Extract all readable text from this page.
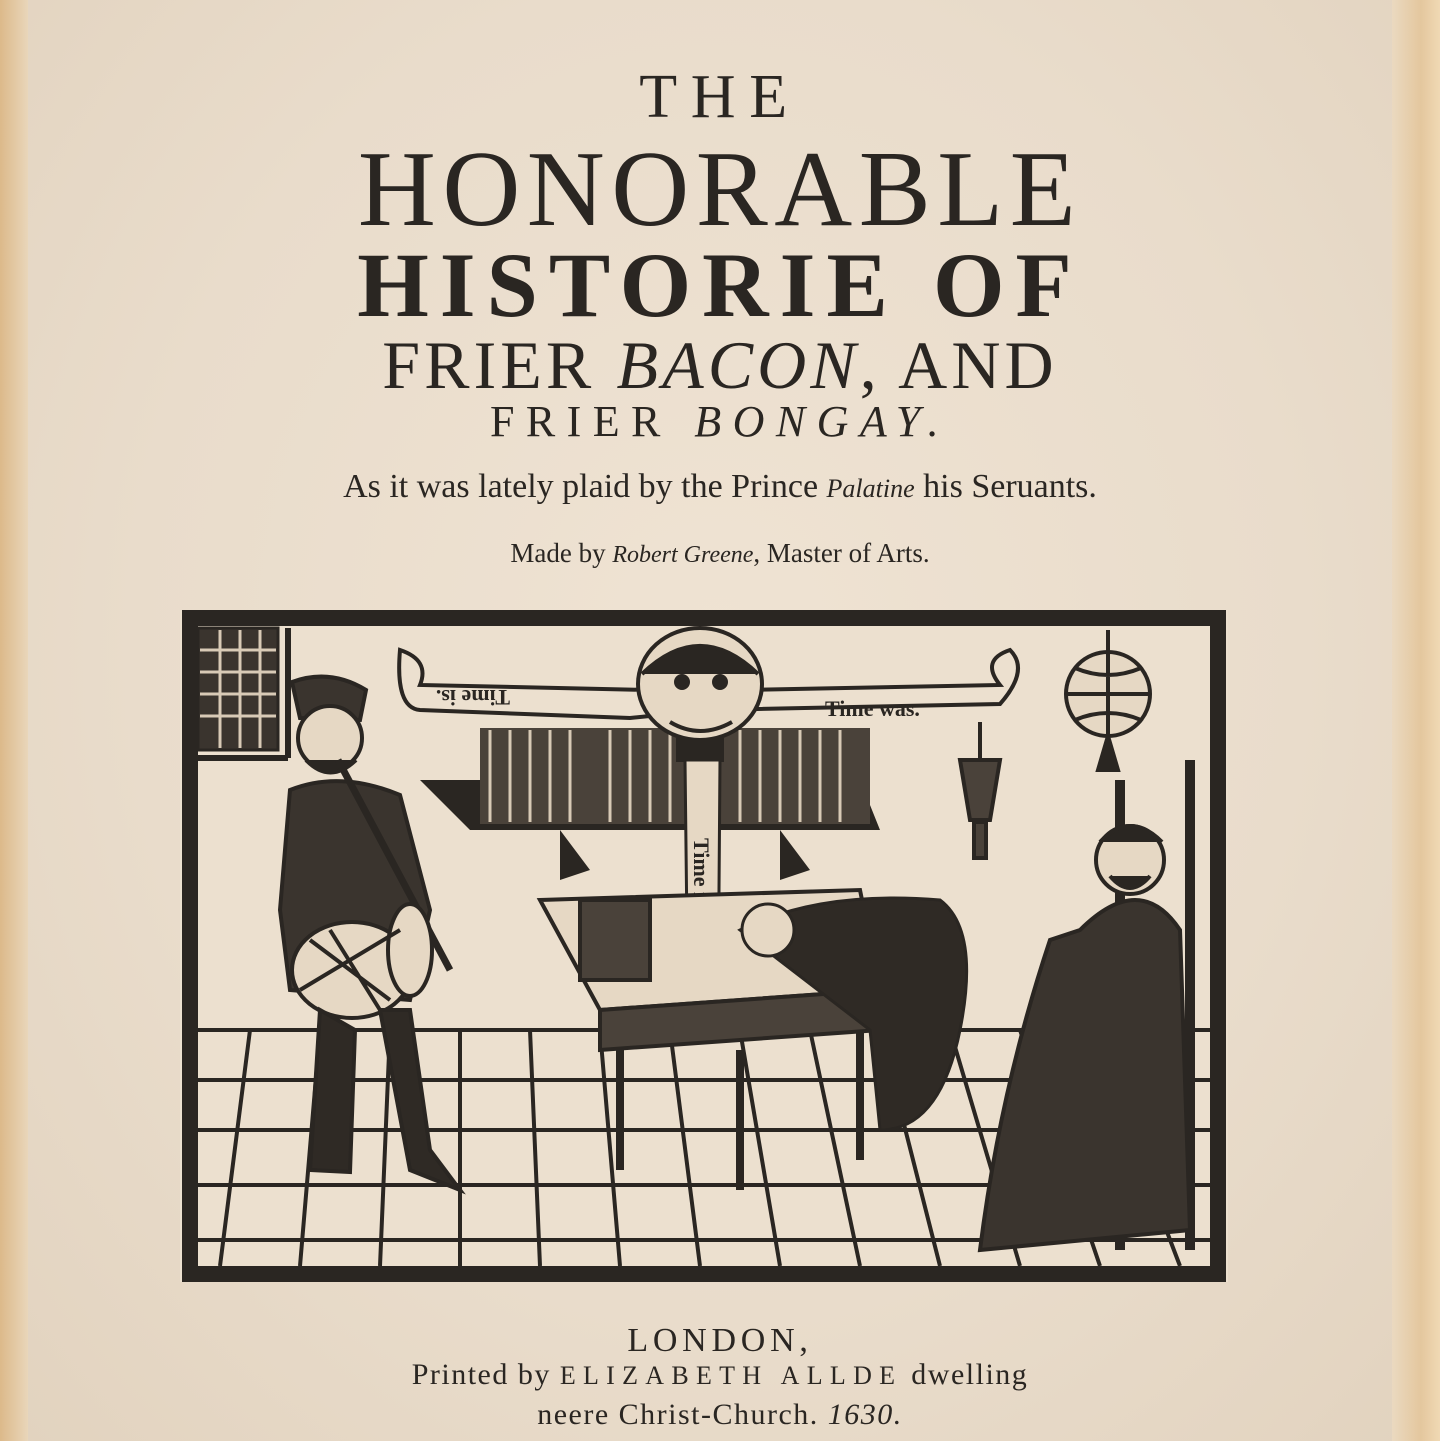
THE
HONORABLE
HISTORIE OF
FRIER BACON, AND
FRIER BONGAY.
As it was lately plaid by the Prince Palatine his Seruants.
Made by Robert Greene, Master of Arts.
Time is.	Time was.
LONDON,
Printed by ELIZABETH ALLDE dwelling
neere Christ-Church. 1630.
